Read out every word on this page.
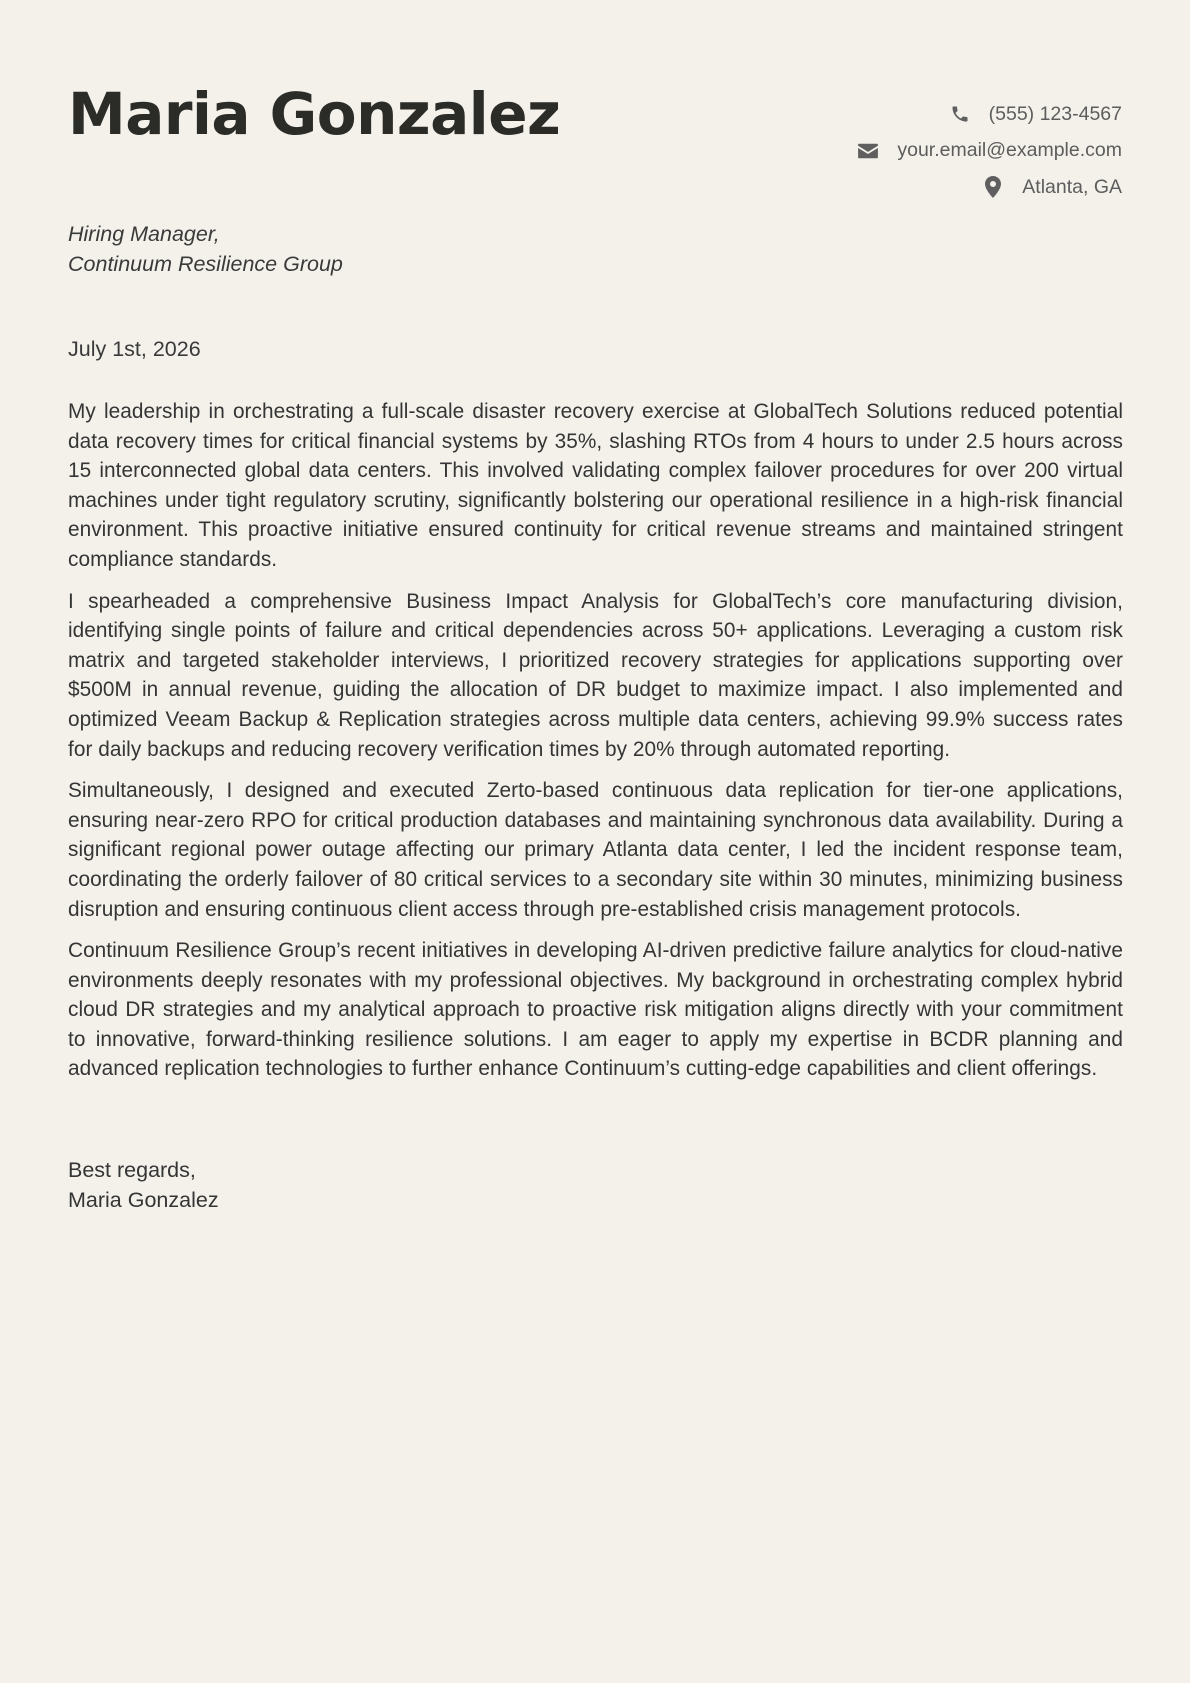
Maria Gonzalez	(555) 123-4567
your.email@example.com
Atlanta, GA
Hiring Manager,
Continuum Resilience Group
July 1st, 2026

My leadership in orchestrating a full-scale disaster recovery exercise at GlobalTech Solutions reduced potential data recovery times for critical financial systems by 35%, slashing RTOs from 4 hours to under 2.5 hours across 15 interconnected global data centers. This involved validating complex failover procedures for over 200 virtual machines under tight regulatory scrutiny, significantly bolstering our operational resilience in a high-risk financial environment. This proactive initiative ensured continuity for critical revenue streams and maintained stringent compliance standards.

I spearheaded a comprehensive Business Impact Analysis for GlobalTech’s core manufacturing division, identifying single points of failure and critical dependencies across 50+ applications. Leveraging a custom risk matrix and targeted stakeholder interviews, I prioritized recovery strategies for applications supporting over $500M in annual revenue, guiding the allocation of DR budget to maximize impact. I also implemented and optimized Veeam Backup & Replication strategies across multiple data centers, achieving 99.9% success rates for daily backups and reducing recovery verification times by 20% through automated reporting.

Simultaneously, I designed and executed Zerto-based continuous data replication for tier-one applications, ensuring near-zero RPO for critical production databases and maintaining synchronous data availability. During a significant regional power outage affecting our primary Atlanta data center, I led the incident response team, coordinating the orderly failover of 80 critical services to a secondary site within 30 minutes, minimizing business disruption and ensuring continuous client access through pre-established crisis management protocols.

Continuum Resilience Group’s recent initiatives in developing AI-driven predictive failure analytics for cloud-native environments deeply resonates with my professional objectives. My background in orchestrating complex hybrid cloud DR strategies and my analytical approach to proactive risk mitigation aligns directly with your commitment to innovative, forward-thinking resilience solutions. I am eager to apply my expertise in BCDR planning and advanced replication technologies to further enhance Continuum’s cutting-edge capabilities and client offerings.

Best regards,
Maria Gonzalez
